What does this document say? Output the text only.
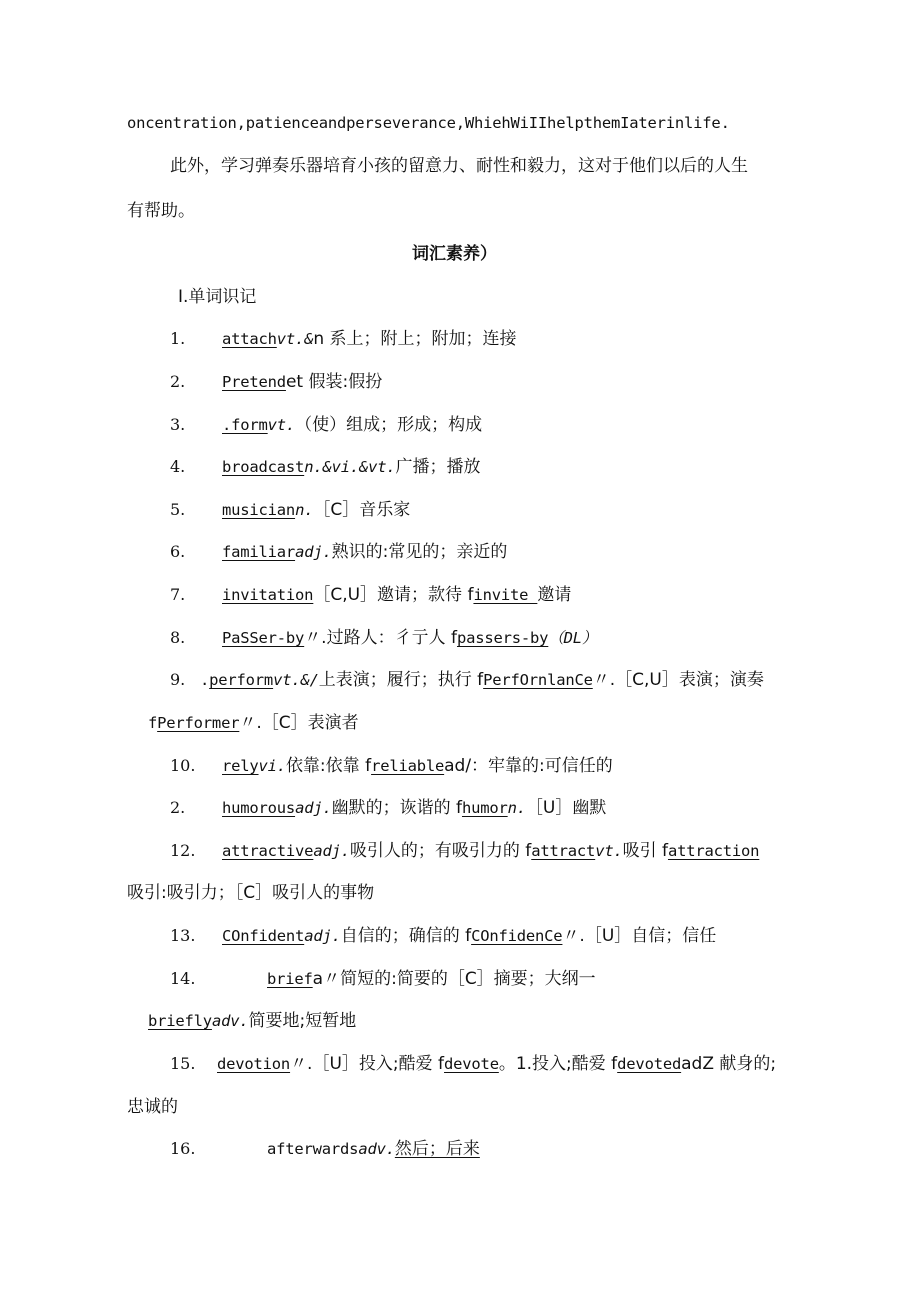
oncentration,patienceandperseverance,WhiehWiIIhelpthemIaterinlife.
此外，学习弹奏乐器培育小孩的留意力、耐性和毅力，这对于他们以后的人生
有帮助。
词汇素养）
I.单词识记
1. attachvt.&n 系上；附上；附加；连接
2. Pretendet 假装:假扮
3. .formvt.（使）组成；形成；构成
4. broadcastn.&vi.&vt.广播；播放
5. musiciann.［C］音乐家
6. familiaradj.熟识的:常见的；亲近的
7. invitation［C,U］邀请；款待 finvite 邀请
8. PaSSer-by〃.过路人：彳亍人 fpassers-by（DL）
9. .performvt.&/上表演；履行；执行 fPerfOrnlanCe〃.［C,U］表演；演奏
fPerformer〃.［C］表演者
10. relyvi.依靠:依靠 freliablead/：牢靠的:可信任的
2. humorousadj.幽默的；诙谐的 fhumorn.［U］幽默
12. attractiveadj.吸引人的；有吸引力的 fattractvt.吸引 fattraction
吸引:吸引力；［C］吸引人的事物
13. COnfidentadj.自信的；确信的 fCOnfidenCe〃.［U］自信；信任
14.	briefa〃简短的:简要的［C］摘要；大纲一
brieflyadv.简要地;短暂地
15. devotion〃.［U］投入;酷爱 fdevote。1.投入;酷爱 fdevotedadZ 献身的;
忠诚的
16.	afterwardsadv.然后；后来
